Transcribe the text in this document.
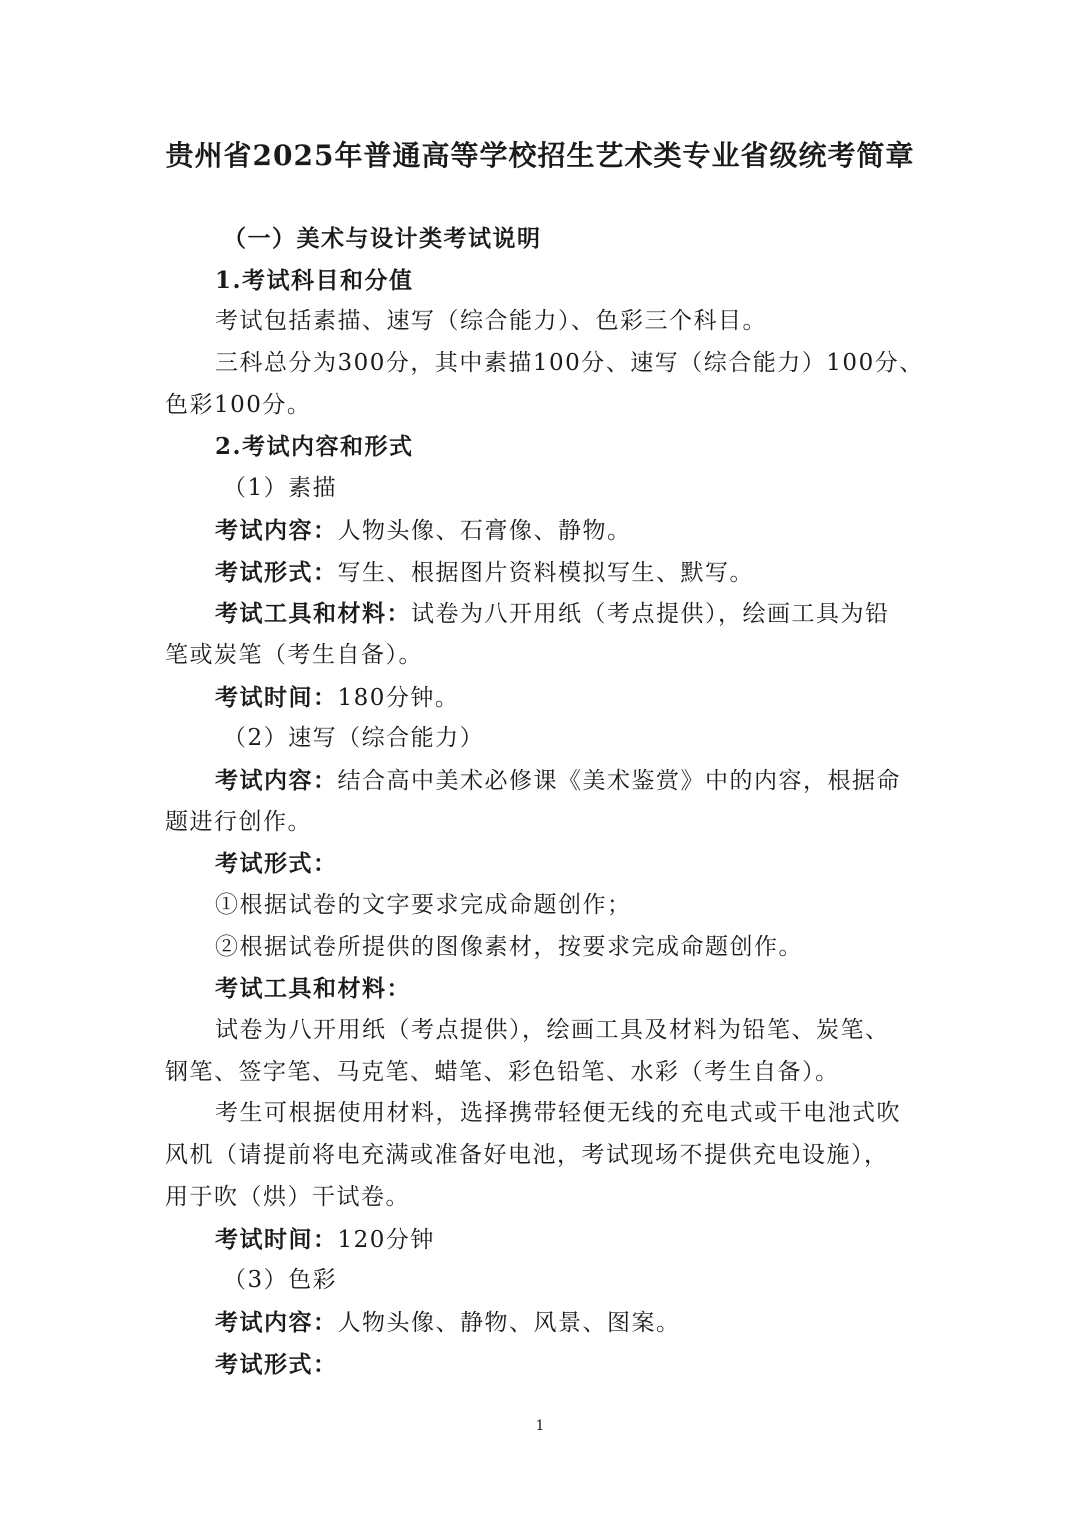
贵州省2025年普通高等学校招生艺术类专业省级统考简章
（一）美术与设计类考试说明
1.考试科目和分值
考试包括素描、速写（综合能力）、色彩三个科目。
三科总分为300分，其中素描100分、速写（综合能力）100分、
色彩100分。
2.考试内容和形式
（1）素描
考试内容：人物头像、石膏像、静物。
考试形式：写生、根据图片资料模拟写生、默写。
考试工具和材料：试卷为八开用纸（考点提供），绘画工具为铅
笔或炭笔（考生自备）。
考试时间：180分钟。
（2）速写（综合能力）
考试内容：结合高中美术必修课《美术鉴赏》中的内容，根据命
题进行创作。
考试形式：
①根据试卷的文字要求完成命题创作；
②根据试卷所提供的图像素材，按要求完成命题创作。
考试工具和材料：
试卷为八开用纸（考点提供），绘画工具及材料为铅笔、炭笔、
钢笔、签字笔、马克笔、蜡笔、彩色铅笔、水彩（考生自备）。
考生可根据使用材料，选择携带轻便无线的充电式或干电池式吹
风机（请提前将电充满或准备好电池，考试现场不提供充电设施），
用于吹（烘）干试卷。
考试时间：120分钟
（3）色彩
考试内容：人物头像、静物、风景、图案。
考试形式：
1
